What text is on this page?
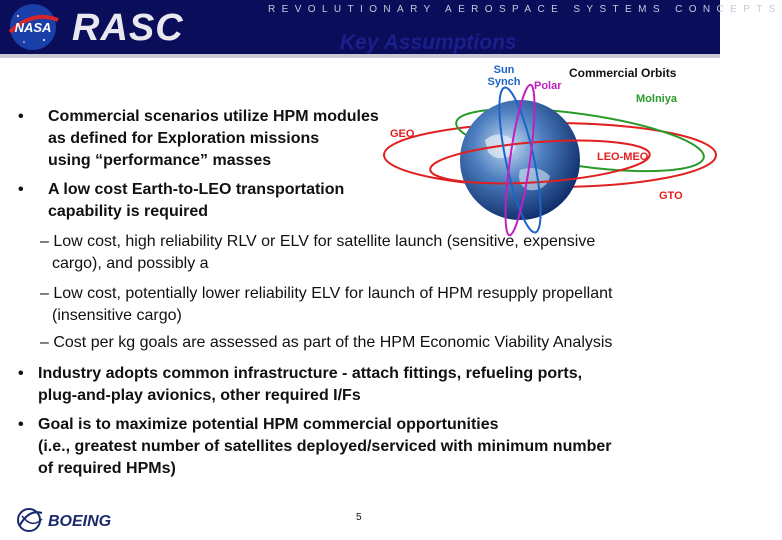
NASA RASC	REVOLUTIONARY AEROSPACE SYSTEMS CONCEPTS
Key Assumptions
Commercial Orbits
Sun Synch	Polar
Molniya
GEO
LEO-MEO
GTO
• Commercial scenarios utilize HPM modules
as defined for Exploration missions
using “performance” masses
• A low cost Earth-to-LEO transportation
capability is required
– Low cost, high reliability RLV or ELV for satellite launch (sensitive, expensive
cargo), and possibly a
– Low cost, potentially lower reliability ELV for launch of HPM resupply propellant
(insensitive cargo)
– Cost per kg goals are assessed as part of the HPM Economic Viability Analysis
• Industry adopts common infrastructure - attach fittings, refueling ports,
plug-and-play avionics, other required I/Fs
• Goal is to maximize potential HPM commercial opportunities
(i.e., greatest number of satellites deployed/serviced with minimum number
of required HPMs)
BOEING	5
